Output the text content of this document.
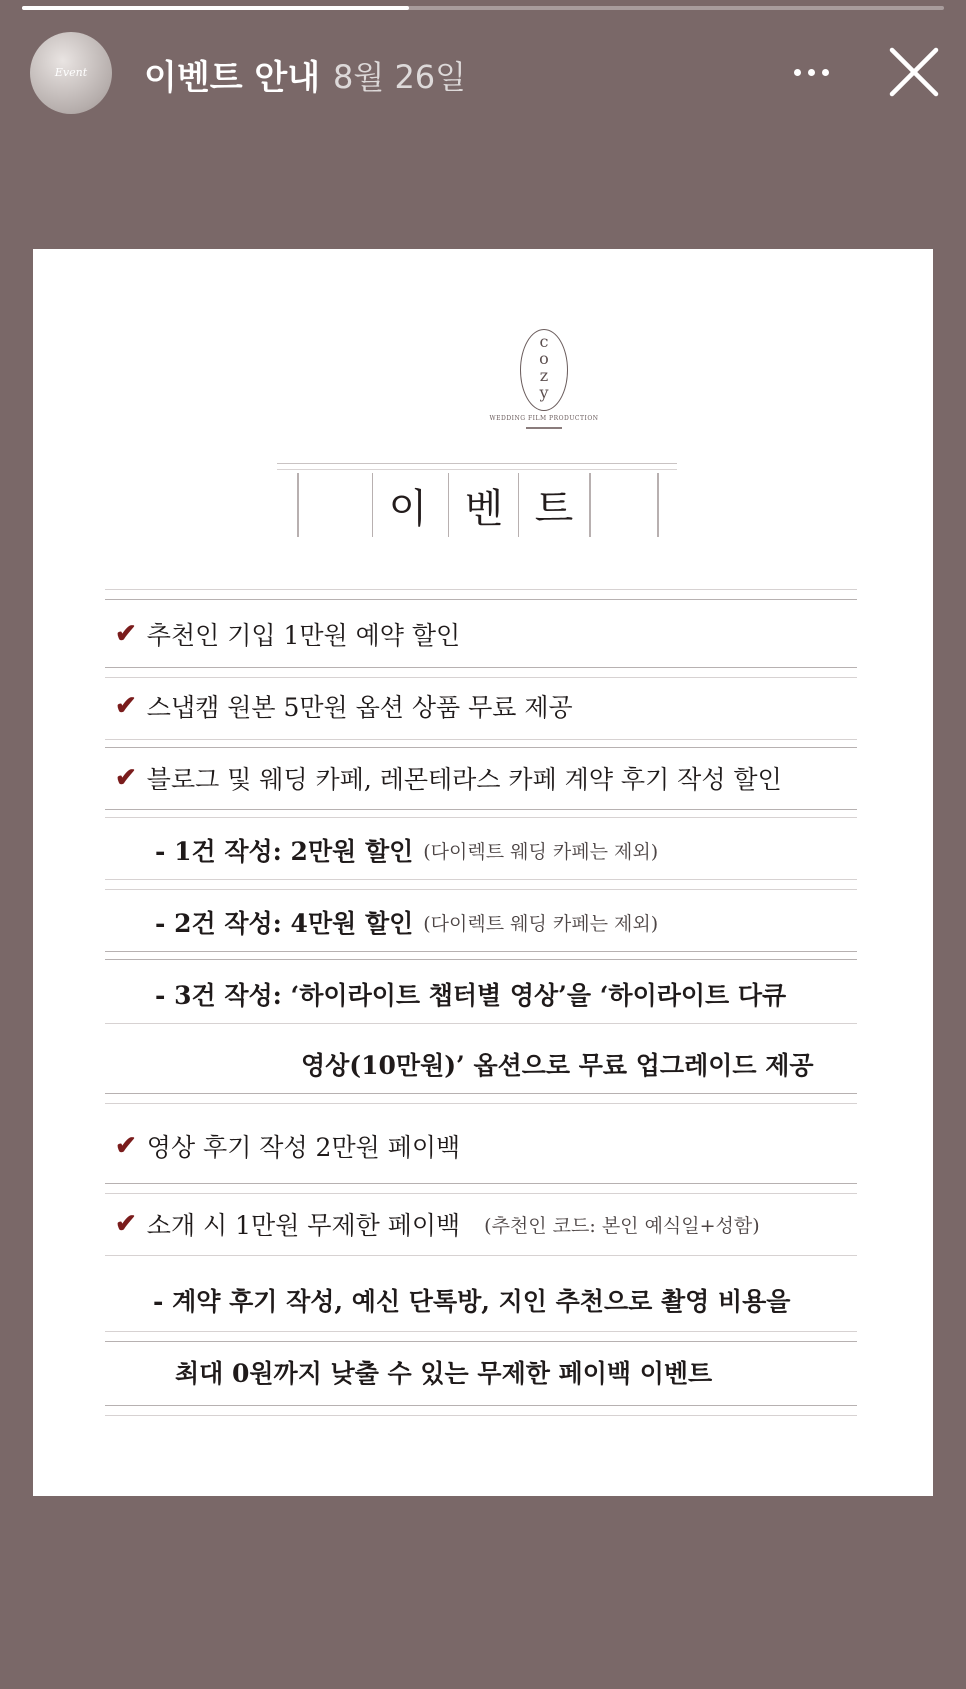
Event	이벤트 안내 8월 26일
c
o
z
y
WEDDING FILM PRODUCTION
이 벤 트
✔ 추천인 기입 1만원 예약 할인
✔ 스냅캠 원본 5만원 옵션 상품 무료 제공
✔ 블로그 및 웨딩 카페, 레몬테라스 카페 계약 후기 작성 할인
- 1건 작성: 2만원 할인 (다이렉트 웨딩 카페는 제외)
- 2건 작성: 4만원 할인 (다이렉트 웨딩 카페는 제외)
- 3건 작성: ‘하이라이트 챕터별 영상’을 ‘하이라이트 다큐
영상(10만원)’ 옵션으로 무료 업그레이드 제공
✔ 영상 후기 작성 2만원 페이백
✔ 소개 시 1만원 무제한 페이백 (추천인 코드: 본인 예식일+성함)
- 계약 후기 작성, 예신 단톡방, 지인 추천으로 촬영 비용을
최대 0원까지 낮출 수 있는 무제한 페이백 이벤트
